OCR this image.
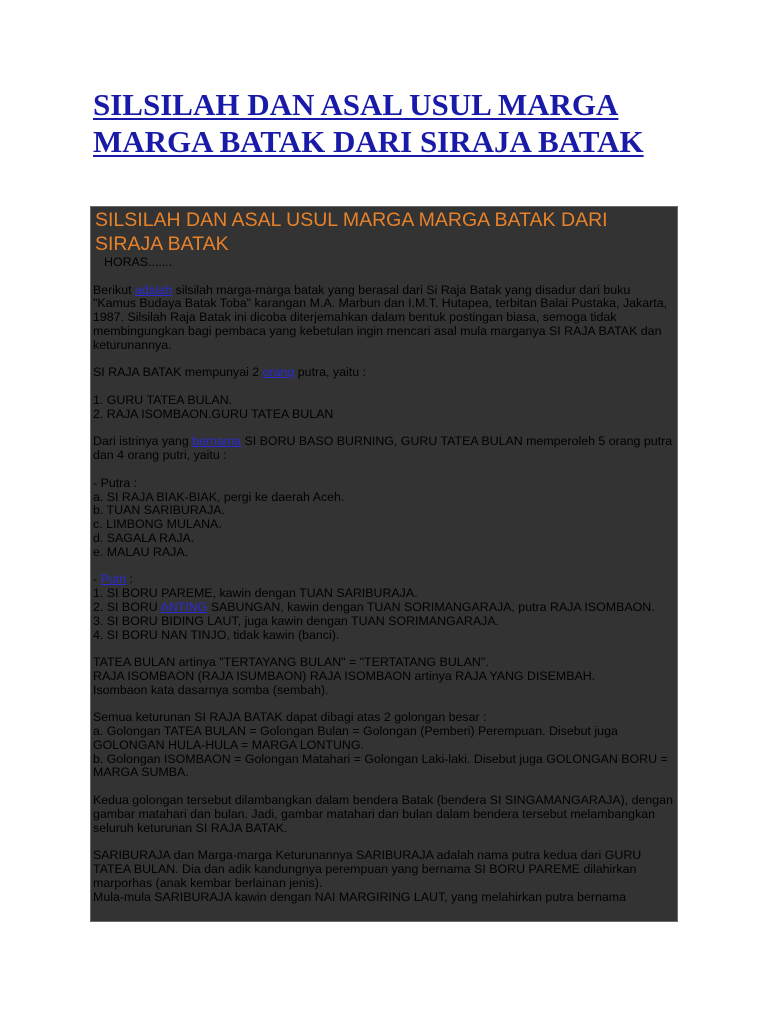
SILSILAH DAN ASAL USUL MARGA MARGA BATAK DARI SIRAJA BATAK
SILSILAH DAN ASAL USUL MARGA MARGA BATAK DARI SIRAJA BATAK

HORAS.......

Berikut adalah silsilah marga-marga batak yang berasal dari Si Raja Batak yang disadur dari buku "Kamus Budaya Batak Toba" karangan M.A. Marbun dan I.M.T. Hutapea, terbitan Balai Pustaka, Jakarta, 1987. Silsilah Raja Batak ini dicoba diterjemahkan dalam bentuk postingan biasa, semoga tidak membingungkan bagi pembaca yang kebetulan ingin mencari asal mula marganya SI RAJA BATAK dan keturunannya.

SI RAJA BATAK mempunyai 2 orang putra, yaitu :

1. GURU TATEA BULAN.
2. RAJA ISOMBAON.GURU TATEA BULAN

Dari istrinya yang bernama SI BORU BASO BURNING, GURU TATEA BULAN memperoleh 5 orang putra dan 4 orang putri, yaitu :

- Putra :
a. SI RAJA BIAK-BIAK, pergi ke daerah Aceh.
b. TUAN SARIBURAJA.
c. LIMBONG MULANA.
d. SAGALA RAJA.
e. MALAU RAJA.

- Putri :
1. SI BORU PAREME, kawin dengan TUAN SARIBURAJA.
2. SI BORU ANTING SABUNGAN, kawin dengan TUAN SORIMANGARAJA, putra RAJA ISOMBAON.
3. SI BORU BIDING LAUT, juga kawin dengan TUAN SORIMANGARAJA.
4. SI BORU NAN TINJO, tidak kawin (banci).

TATEA BULAN artinya "TERTAYANG BULAN" = "TERTATANG BULAN".
RAJA ISOMBAON (RAJA ISUMBAON) RAJA ISOMBAON artinya RAJA YANG DISEMBAH.
Isombaon kata dasarnya somba (sembah).

Semua keturunan SI RAJA BATAK dapat dibagi atas 2 golongan besar :
a. Golongan TATEA BULAN = Golongan Bulan = Golongan (Pemberi) Perempuan. Disebut juga GOLONGAN HULA-HULA = MARGA LONTUNG.
b. Golongan ISOMBAON = Golongan Matahari = Golongan Laki-laki. Disebut juga GOLONGAN BORU = MARGA SUMBA.

Kedua golongan tersebut dilambangkan dalam bendera Batak (bendera SI SINGAMANGARAJA), dengan gambar matahari dan bulan. Jadi, gambar matahari dan bulan dalam bendera tersebut melambangkan seluruh keturunan SI RAJA BATAK.

SARIBURAJA dan Marga-marga Keturunannya SARIBURAJA adalah nama putra kedua dari GURU TATEA BULAN. Dia dan adik kandungnya perempuan yang bernama SI BORU PAREME dilahirkan marporhas (anak kembar berlainan jenis).
Mula-mula SARIBURAJA kawin dengan NAI MARGIRING LAUT, yang melahirkan putra bernama
